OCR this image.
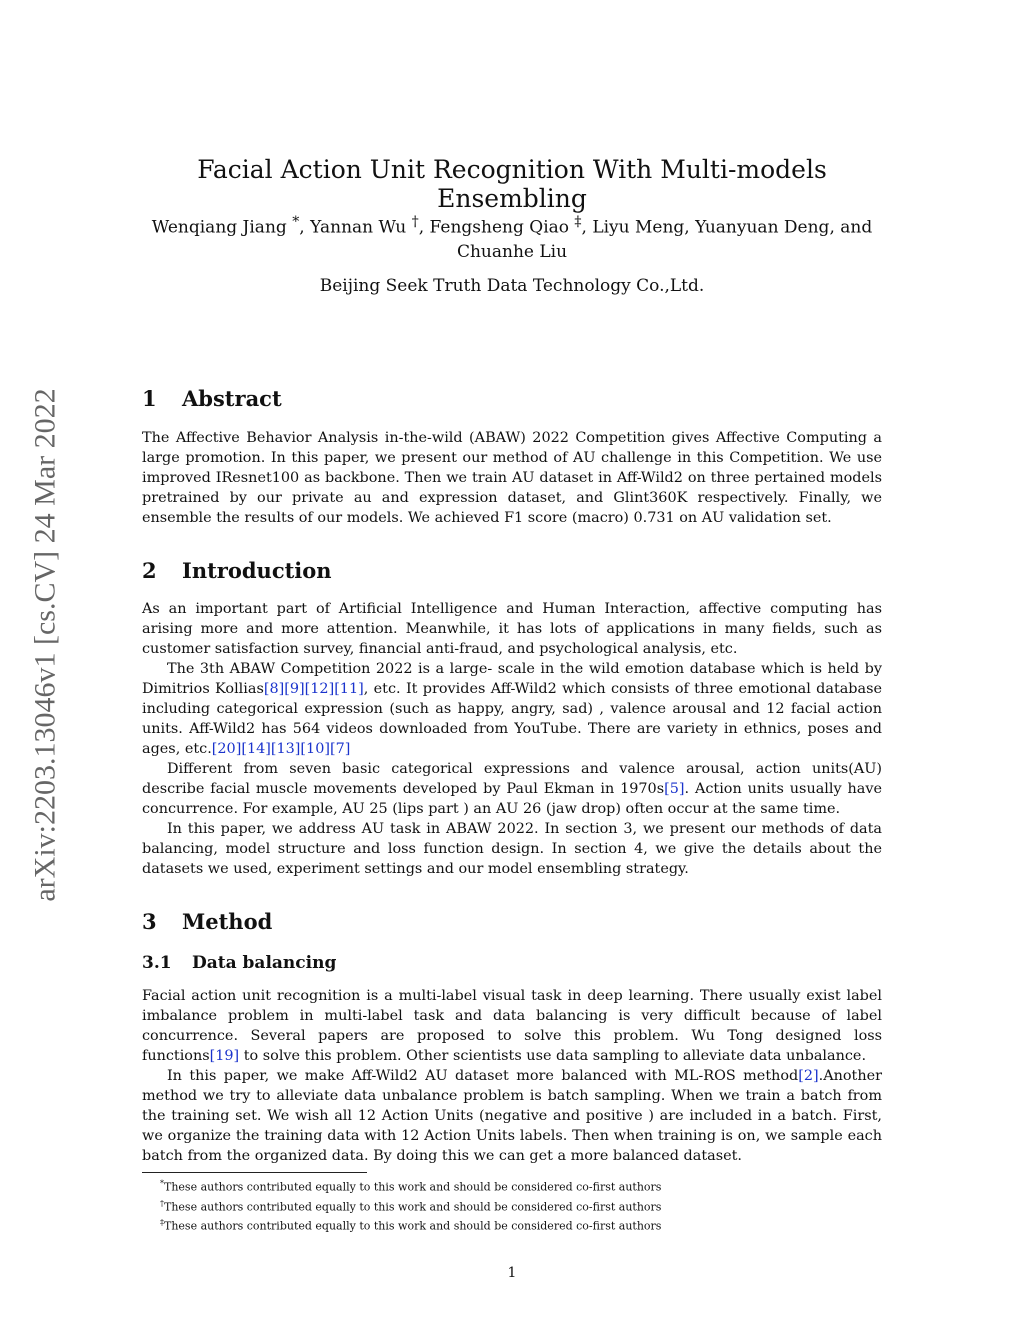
arXiv:2203.13046v1 [cs.CV] 24 Mar 2022
Facial Action Unit Recognition With Multi-models Ensembling
Wenqiang Jiang *, Yannan Wu †, Fengsheng Qiao ‡, Liyu Meng, Yuanyuan Deng, and
Chuanhe Liu
Beijing Seek Truth Data Technology Co.,Ltd.
1 Abstract

The Affective Behavior Analysis in-the-wild (ABAW) 2022 Competition gives Affective Computing a large promotion. In this paper, we present our method of AU challenge in this Competition. We use improved IResnet100 as backbone. Then we train AU dataset in Aff-Wild2 on three pertained models pretrained by our private au and expression dataset, and Glint360K respectively. Finally, we ensemble the results of our models. We achieved F1 score (macro) 0.731 on AU validation set.

2 Introduction

As an important part of Artificial Intelligence and Human Interaction, affective computing has arising more and more attention. Meanwhile, it has lots of applications in many fields, such as customer satisfaction survey, financial anti-fraud, and psychological analysis, etc.

The 3th ABAW Competition 2022 is a large- scale in the wild emotion database which is held by Dimitrios Kollias[8][9][12][11], etc. It provides Aff-Wild2 which consists of three emotional database including categorical expression (such as happy, angry, sad) , valence arousal and 12 facial action units. Aff-Wild2 has 564 videos downloaded from YouTube. There are variety in ethnics, poses and ages, etc.[20][14][13][10][7]

Different from seven basic categorical expressions and valence arousal, action units(AU) describe facial muscle movements developed by Paul Ekman in 1970s[5]. Action units usually have concurrence. For example, AU 25 (lips part ) an AU 26 (jaw drop) often occur at the same time.

In this paper, we address AU task in ABAW 2022. In section 3, we present our methods of data balancing, model structure and loss function design. In section 4, we give the details about the datasets we used, experiment settings and our model ensembling strategy.

3 Method
3.1 Data balancing

Facial action unit recognition is a multi-label visual task in deep learning. There usually exist label imbalance problem in multi-label task and data balancing is very difficult because of label concurrence. Several papers are proposed to solve this problem. Wu Tong designed loss functions[19] to solve this problem. Other scientists use data sampling to alleviate data unbalance.

In this paper, we make Aff-Wild2 AU dataset more balanced with ML-ROS method[2].Another method we try to alleviate data unbalance problem is batch sampling. When we train a batch from the training set. We wish all 12 Action Units (negative and positive ) are included in a batch. First, we organize the training data with 12 Action Units labels. Then when training is on, we sample each batch from the organized data. By doing this we can get a more balanced dataset.

*These authors contributed equally to this work and should be considered co-first authors
†These authors contributed equally to this work and should be considered co-first authors
‡These authors contributed equally to this work and should be considered co-first authors
1
